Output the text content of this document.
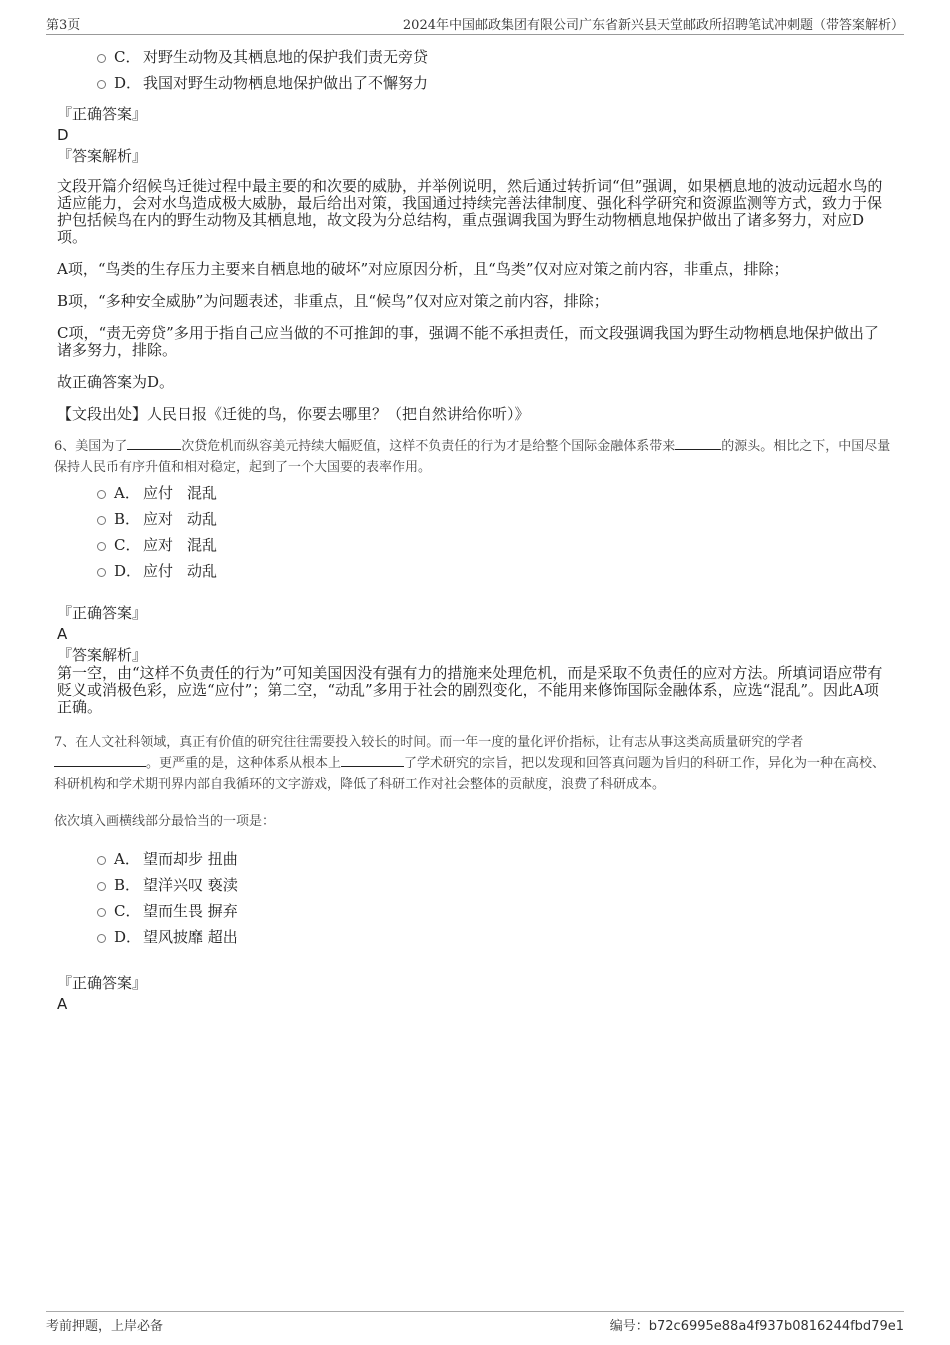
第3页	2024年中国邮政集团有限公司广东省新兴县天堂邮政所招聘笔试冲刺题（带答案解析）
C． 对野生动物及其栖息地的保护我们责无旁贷
D． 我国对野生动物栖息地保护做出了不懈努力
『正确答案』
D
『答案解析』

文段开篇介绍候鸟迁徙过程中最主要的和次要的威胁，并举例说明，然后通过转折词“但”强调，如果栖息地的波动远超水鸟的适应能力，会对水鸟造成极大威胁，最后给出对策，我国通过持续完善法律制度、强化科学研究和资源监测等方式，致力于保护包括候鸟在内的野生动物及其栖息地，故文段为分总结构，重点强调我国为野生动物栖息地保护做出了诸多努力，对应D项。

A项，“鸟类的生存压力主要来自栖息地的破坏”对应原因分析，且“鸟类”仅对应对策之前内容，非重点，排除；

B项，“多种安全威胁”为问题表述，非重点，且“候鸟”仅对应对策之前内容，排除；

C项，“责无旁贷”多用于指自己应当做的不可推卸的事，强调不能不承担责任，而文段强调我国为野生动物栖息地保护做出了诸多努力，排除。

故正确答案为D。

【文段出处】人民日报《迁徙的鸟，你要去哪里？（把自然讲给你听）》

6、美国为了	次贷危机而纵容美元持续大幅贬值，这样不负责任的行为才是给整个国际金融体系带来	的源头。相比之下，中国尽量保持人民币有序升值和相对稳定，起到了一个大国要的表率作用。

A． 应付 混乱
B． 应对 动乱
C． 应对 混乱
D． 应付 动乱
『正确答案』
A
『答案解析』

第一空，由“这样不负责任的行为”可知美国因没有强有力的措施来处理危机，而是采取不负责任的应对方法。所填词语应带有贬义或消极色彩，应选“应付”；第二空，“动乱”多用于社会的剧烈变化，不能用来修饰国际金融体系，应选“混乱”。因此A项正确。

7、在人文社科领域，真正有价值的研究往往需要投入较长的时间。而一年一度的量化评价指标，让有志从事这类高质量研究的学者
。更严重的是，这种体系从根本上	了学术研究的宗旨，把以发现和回答真问题为旨归的科研工作，异化为一种在高校、科研机构和学术期刊界内部自我循环的文字游戏，降低了科研工作对社会整体的贡献度，浪费了科研成本。

依次填入画横线部分最恰当的一项是：

A． 望而却步 扭曲
B． 望洋兴叹 亵渎
C． 望而生畏 摒弃
D． 望风披靡 超出
『正确答案』
A
考前押题，上岸必备	编号：b72c6995e88a4f937b0816244fbd79e1
